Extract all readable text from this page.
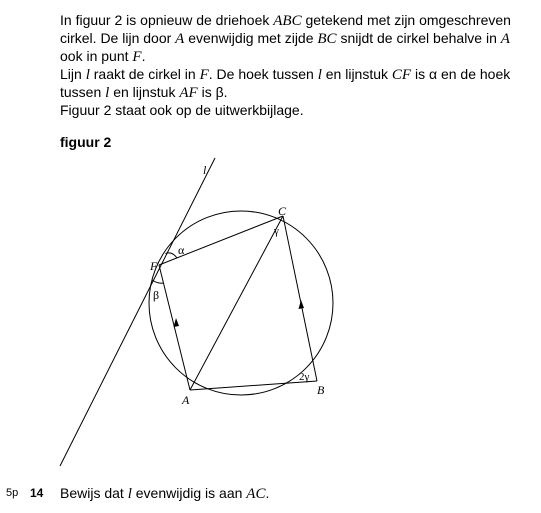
In figuur 2 is opnieuw de driehoek ABC getekend met zijn omgeschreven

cirkel. De lijn door A evenwijdig met zijde BC snijdt de cirkel behalve in A

ook in punt F.

Lijn l raakt de cirkel in F. De hoek tussen l en lijnstuk CF is α en de hoek

tussen l en lijnstuk AF is β.

Figuur 2 staat ook op de uitwerkbijlage.

figuur 2
l
C
F
A
B
α
β
γ
2γ
5p 14 Bewijs dat l evenwijdig is aan AC.
